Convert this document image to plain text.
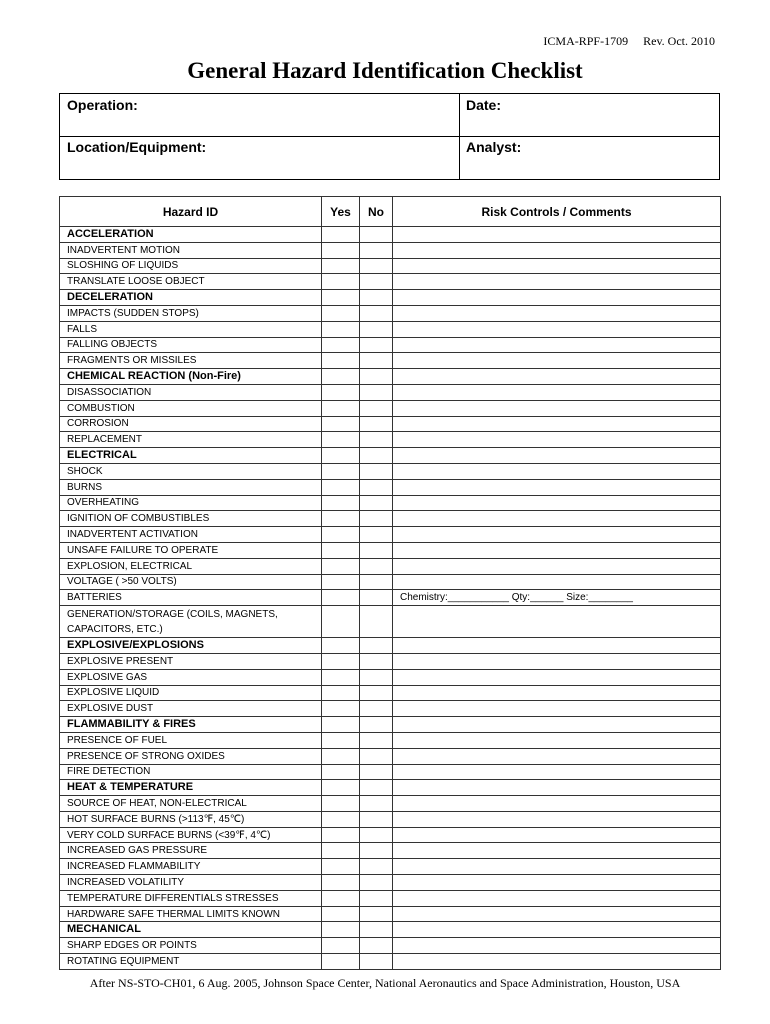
ICMA-RPF-1709 Rev. Oct. 2010
General Hazard Identification Checklist
Operation:	Date:
Location/Equipment:	Analyst:
Hazard ID	Yes	No	Risk Controls / Comments
ACCELERATION			
INADVERTENT MOTION			
SLOSHING OF LIQUIDS			
TRANSLATE LOOSE OBJECT			
DECELERATION			
IMPACTS (SUDDEN STOPS)			
FALLS			
FALLING OBJECTS			
FRAGMENTS OR MISSILES			
CHEMICAL REACTION (Non-Fire)			
DISASSOCIATION			
COMBUSTION			
CORROSION			
REPLACEMENT			
ELECTRICAL			
SHOCK			
BURNS			
OVERHEATING			
IGNITION OF COMBUSTIBLES			
INADVERTENT ACTIVATION			
UNSAFE FAILURE TO OPERATE			
EXPLOSION, ELECTRICAL			
VOLTAGE ( >50 VOLTS)			
BATTERIES			Chemistry:___________ Qty:______ Size:________
GENERATION/STORAGE (COILS, MAGNETS, CAPACITORS, ETC.)			
EXPLOSIVE/EXPLOSIONS			
EXPLOSIVE PRESENT			
EXPLOSIVE GAS			
EXPLOSIVE LIQUID			
EXPLOSIVE DUST			
FLAMMABILITY & FIRES			
PRESENCE OF FUEL			
PRESENCE OF STRONG OXIDES			
FIRE DETECTION			
HEAT & TEMPERATURE			
SOURCE OF HEAT, NON-ELECTRICAL			
HOT SURFACE BURNS (>113℉, 45℃)			
VERY COLD SURFACE BURNS (<39℉, 4℃)			
INCREASED GAS PRESSURE			
INCREASED FLAMMABILITY			
INCREASED VOLATILITY			
TEMPERATURE DIFFERENTIALS STRESSES			
HARDWARE SAFE THERMAL LIMITS KNOWN			
MECHANICAL			
SHARP EDGES OR POINTS			
ROTATING EQUIPMENT			
After NS-STO-CH01, 6 Aug. 2005, Johnson Space Center, National Aeronautics and Space Administration, Houston, USA
